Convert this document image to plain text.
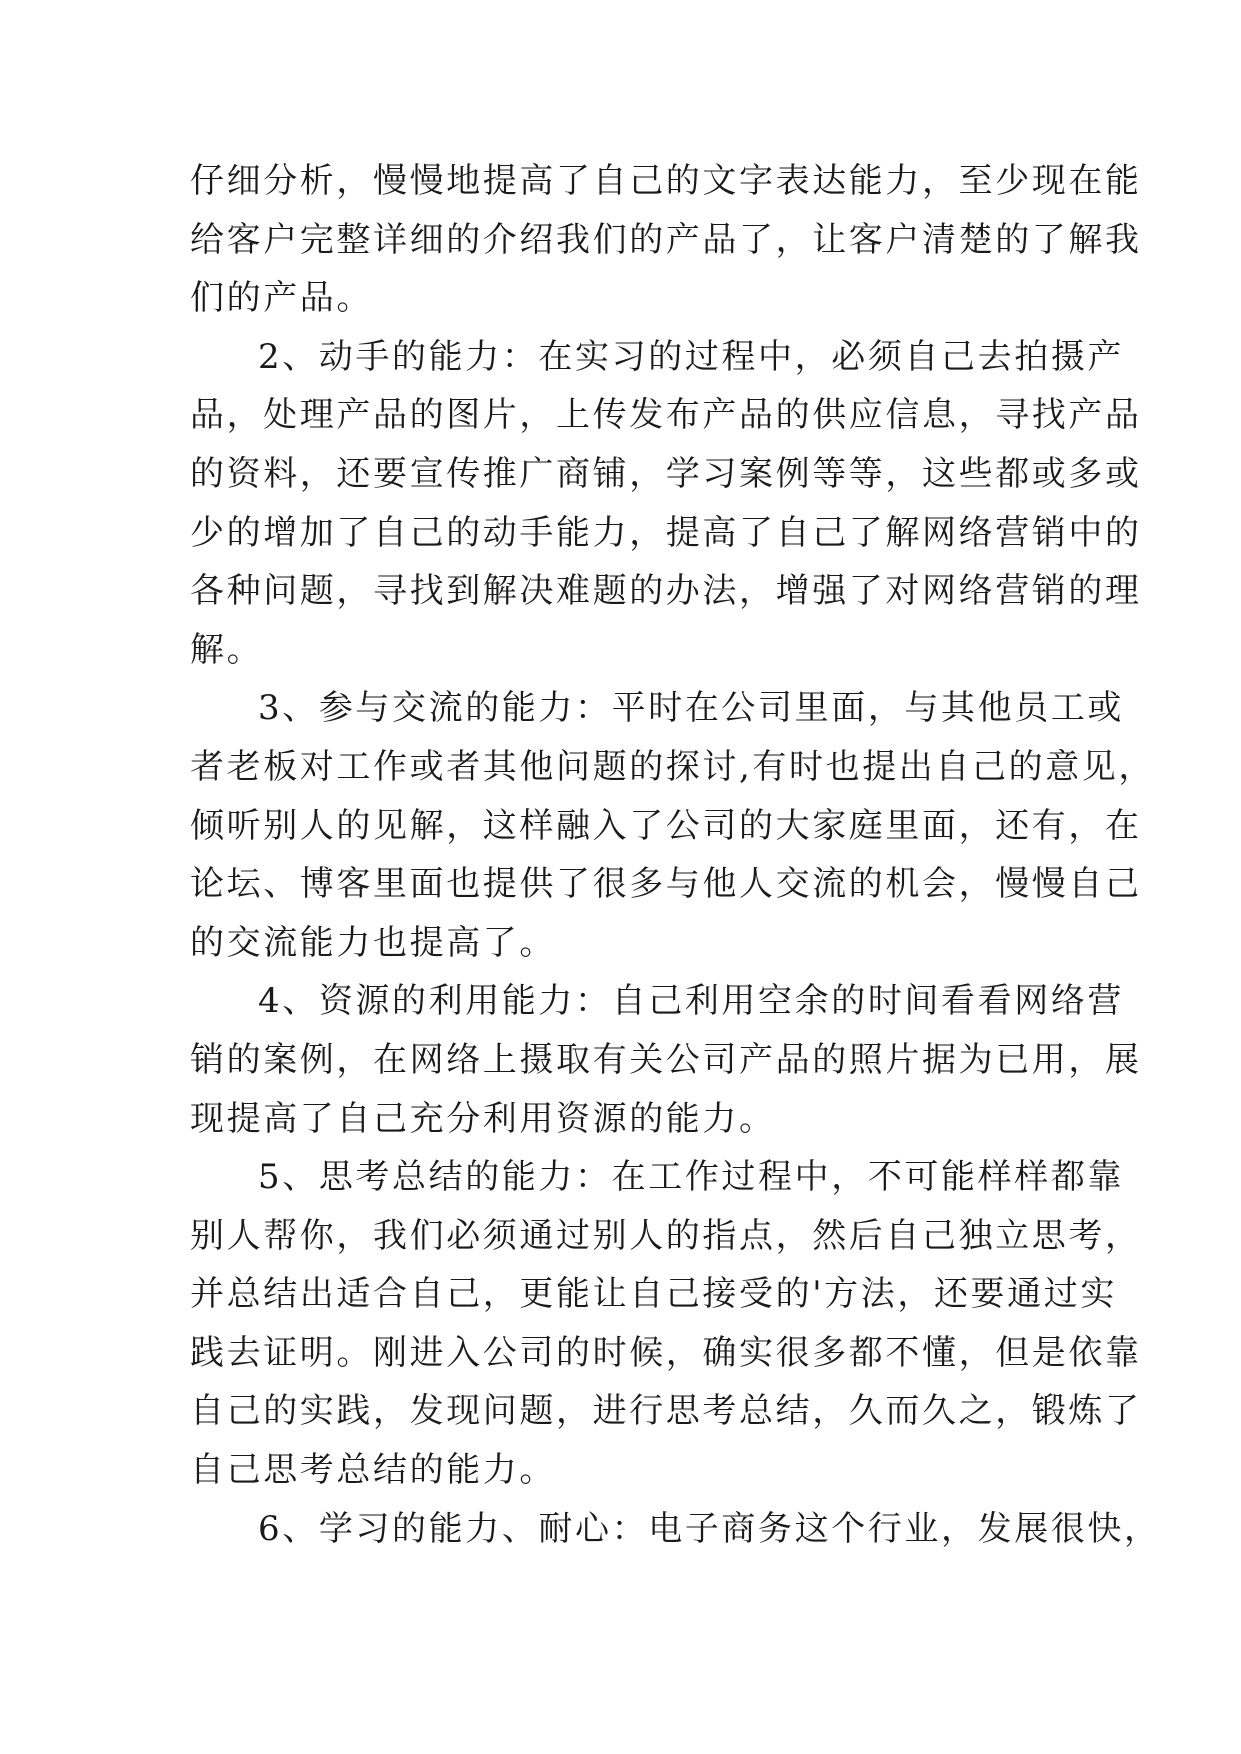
仔细分析，慢慢地提高了自己的文字表达能力，至少现在能
给客户完整详细的介绍我们的产品了，让客户清楚的了解我
们的产品。

2、动手的能力：在实习的过程中，必须自己去拍摄产
品，处理产品的图片，上传发布产品的供应信息，寻找产品
的资料，还要宣传推广商铺，学习案例等等，这些都或多或
少的增加了自己的动手能力，提高了自己了解网络营销中的
各种问题，寻找到解决难题的办法，增强了对网络营销的理
解。

3、参与交流的能力：平时在公司里面，与其他员工或
者老板对工作或者其他问题的探讨,有时也提出自己的意见，
倾听别人的见解，这样融入了公司的大家庭里面，还有，在
论坛、博客里面也提供了很多与他人交流的机会，慢慢自己
的交流能力也提高了。

4、资源的利用能力：自己利用空余的时间看看网络营
销的案例，在网络上摄取有关公司产品的照片据为已用，展
现提高了自己充分利用资源的能力。

5、思考总结的能力：在工作过程中，不可能样样都靠
别人帮你，我们必须通过别人的指点，然后自己独立思考，
并总结出适合自己，更能让自己接受的'方法，还要通过实
践去证明。刚进入公司的时候，确实很多都不懂，但是依靠
自己的实践，发现问题，进行思考总结，久而久之，锻炼了
自己思考总结的能力。

6、学习的能力、耐心：电子商务这个行业，发展很快，
